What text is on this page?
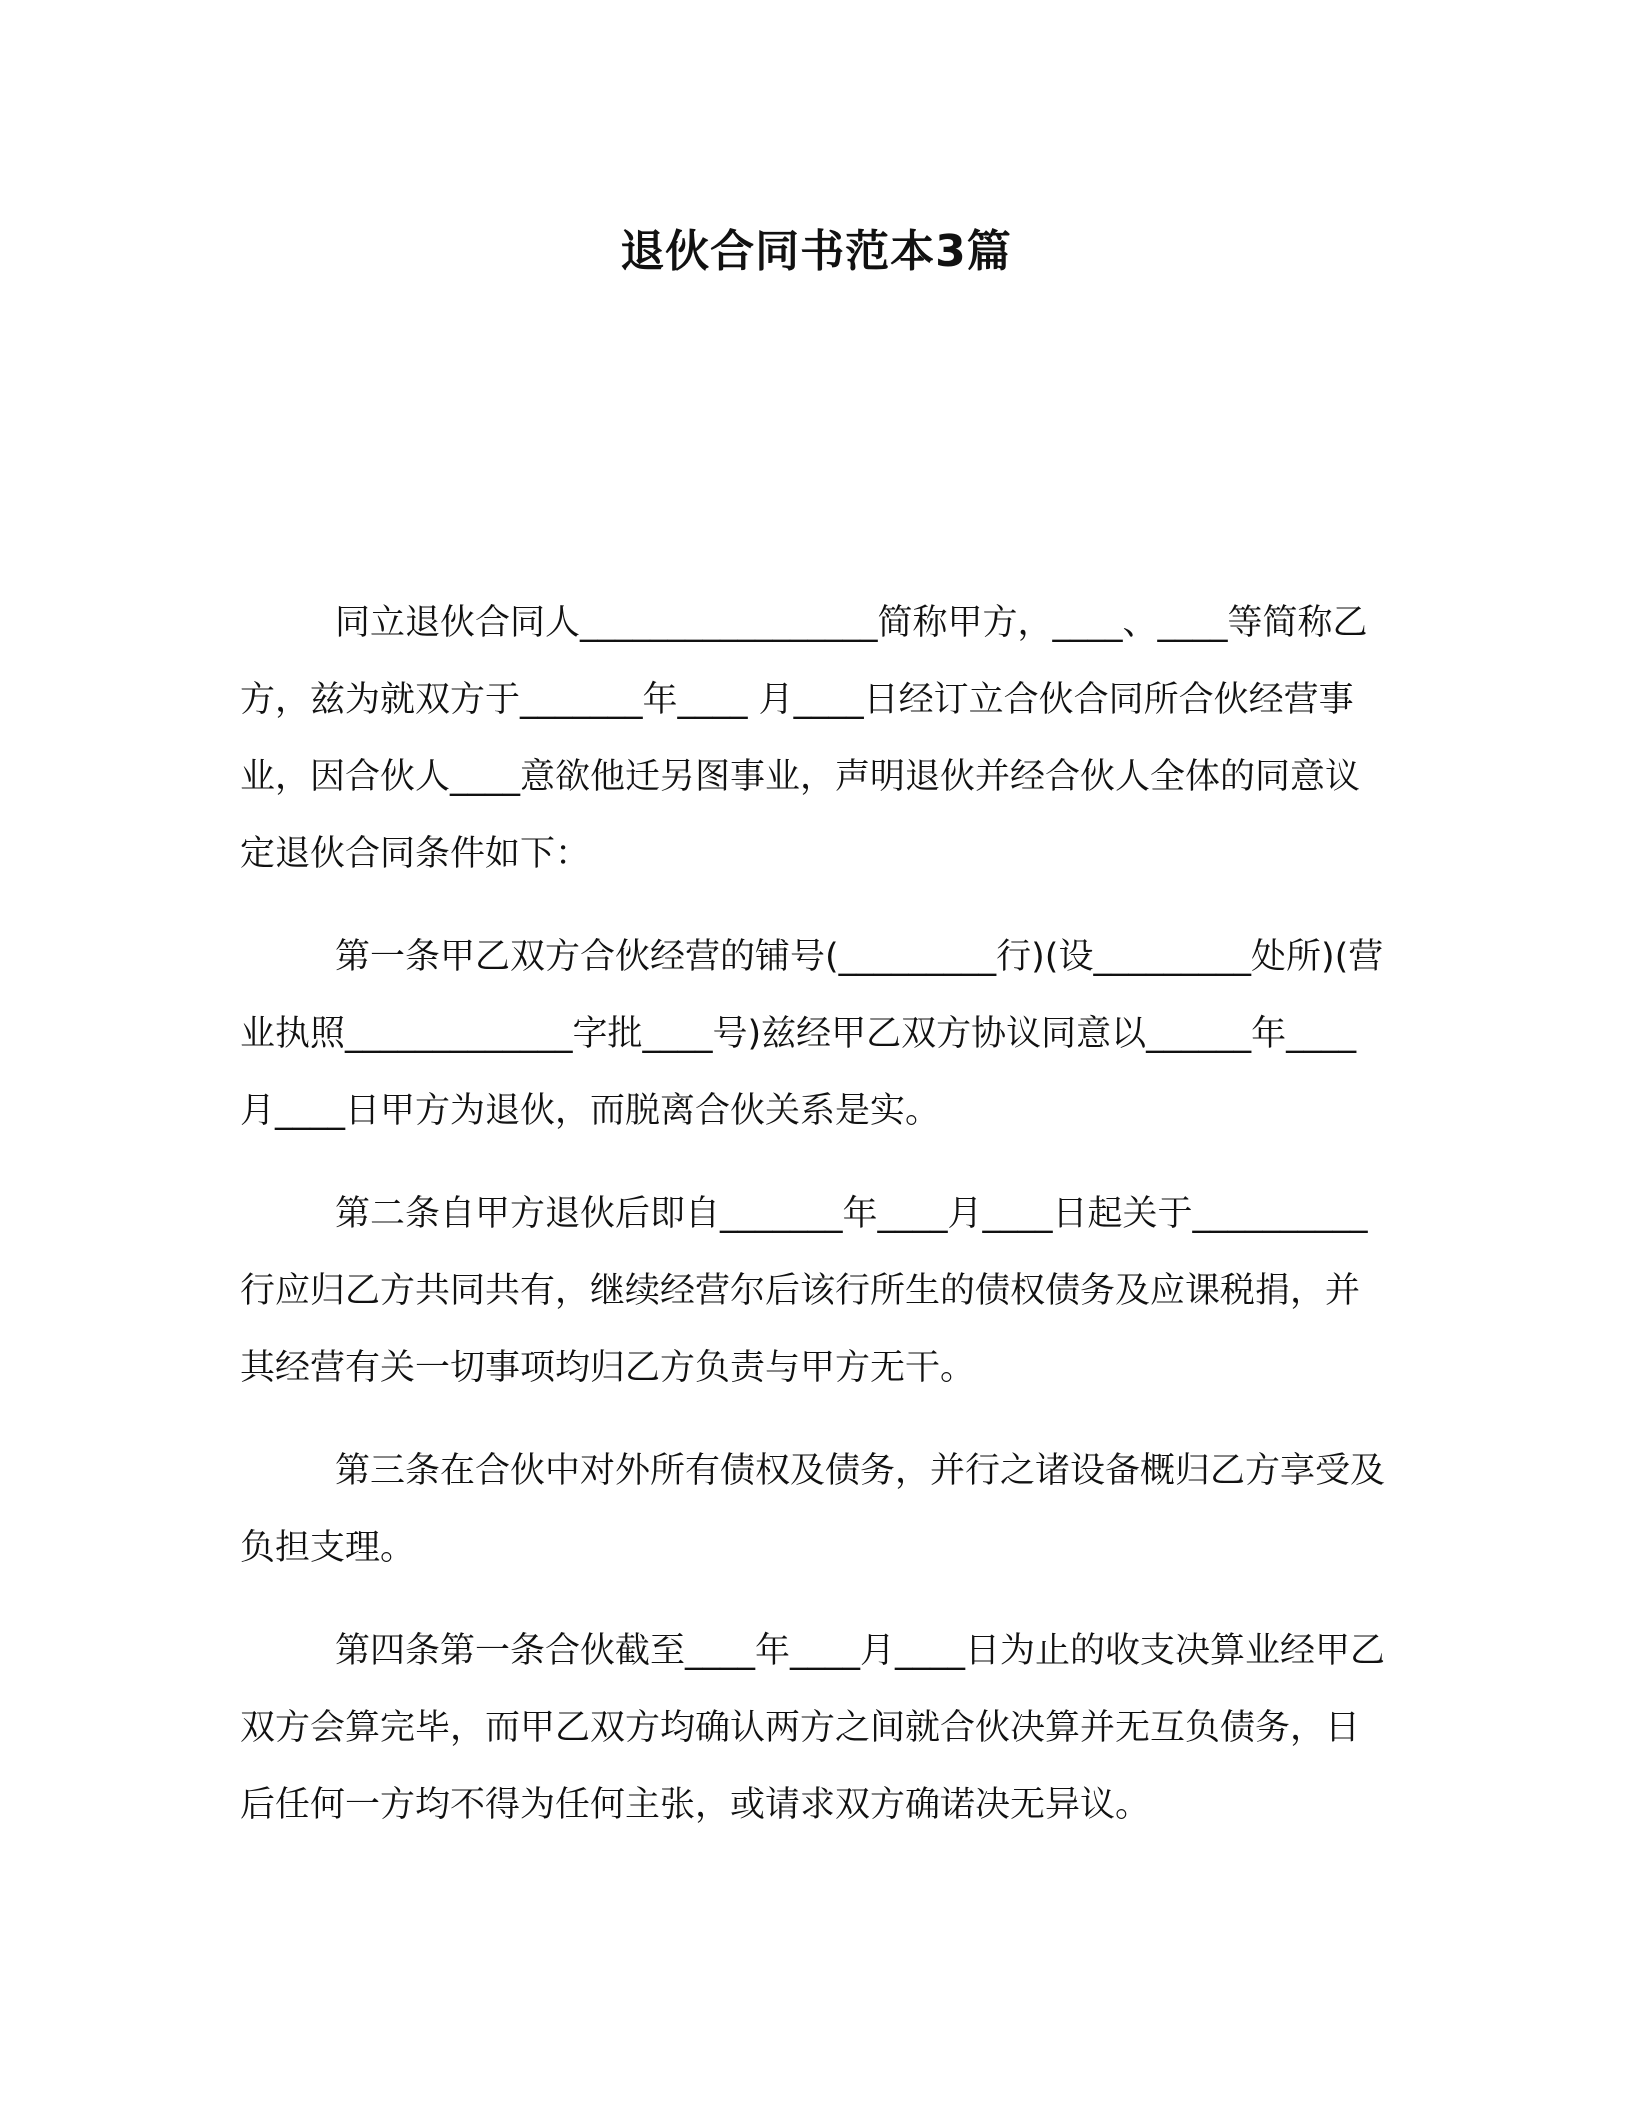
退伙合同书范本3篇

同立退伙合同人_________________简称甲方，____、____等简称乙方，兹为就双方于_______年____ 月____日经订立合伙合同所合伙经营事业，因合伙人____意欲他迁另图事业，声明退伙并经合伙人全体的同意议定退伙合同条件如下：

第一条甲乙双方合伙经营的铺号(_________行)(设_________处所)(营业执照_____________字批____号)兹经甲乙双方协议同意以______年____月____日甲方为退伙，而脱离合伙关系是实。

第二条自甲方退伙后即自_______年____月____日起关于__________行应归乙方共同共有，继续经营尔后该行所生的债权债务及应课税捐，并其经营有关一切事项均归乙方负责与甲方无干。

第三条在合伙中对外所有债权及债务，并行之诸设备概归乙方享受及负担支理。

第四条第一条合伙截至____年____月____日为止的收支决算业经甲乙双方会算完毕，而甲乙双方均确认两方之间就合伙决算并无互负债务，日后任何一方均不得为任何主张，或请求双方确诺决无异议。
